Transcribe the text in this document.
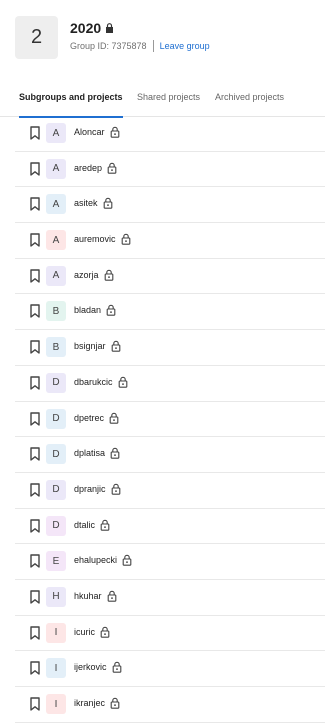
2 2020
Group ID: 7375878 Leave group
Subgroups and projects Shared projects Archived projects
A Aloncar
A aredep
A asitek
A auremovic
A azorja
B bladan
B bsignjar
D dbarukcic
D dpetrec
D dplatisa
D dpranjic
D dtalic
E ehalupecki
H hkuhar
I icuric
I ijerkovic
I ikranjec
